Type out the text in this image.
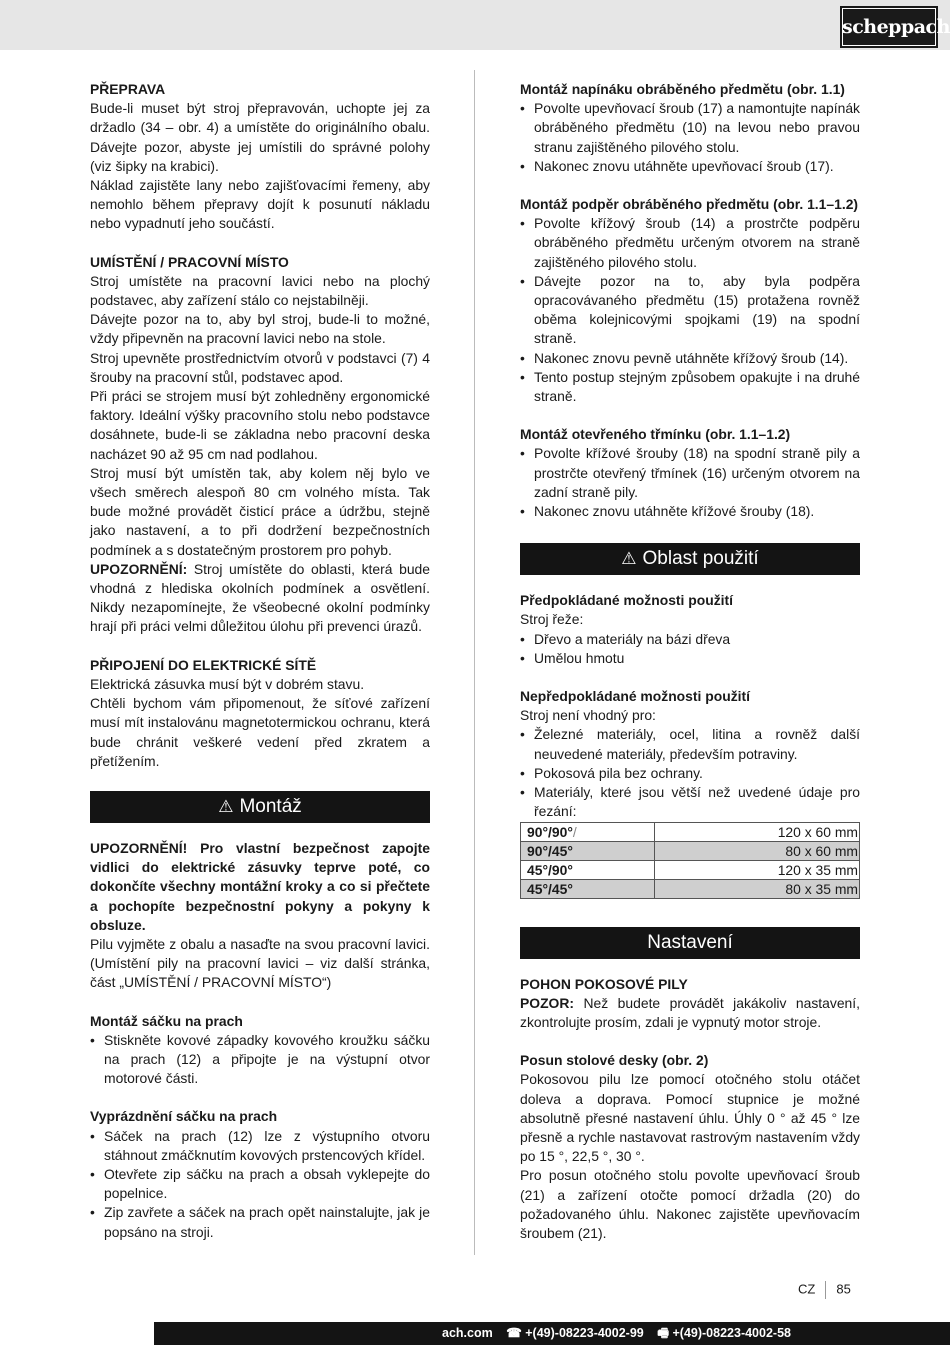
scheppach

PŘEPRAVA

Bude-li muset být stroj přepravován, uchopte jej za držadlo (34 – obr. 4) a umístěte do originálního obalu. Dávejte pozor, abyste jej umístili do správné polohy (viz šipky na krabici).

Náklad zajistěte lany nebo zajišťovacími řemeny, aby nemohlo během přepravy dojít k posunutí nákladu nebo vypadnutí jeho součástí.

UMÍSTĚNÍ / PRACOVNÍ MÍSTO

Stroj umístěte na pracovní lavici nebo na plochý podstavec, aby zařízení stálo co nejstabilněji.

Dávejte pozor na to, aby byl stroj, bude-li to možné, vždy připevněn na pracovní lavici nebo na stole.

Stroj upevněte prostřednictvím otvorů v podstavci (7) 4 šrouby na pracovní stůl, podstavec apod.

Při práci se strojem musí být zohledněny ergonomické faktory. Ideální výšky pracovního stolu nebo podstavce dosáhnete, bude-li se základna nebo pracovní deska nacházet 90 až 95 cm nad podlahou.

Stroj musí být umístěn tak, aby kolem něj bylo ve všech směrech alespoň 80 cm volného místa. Tak bude možné provádět čisticí práce a údržbu, stejně jako nastavení, a to při dodržení bezpečnostních podmínek a s dostatečným prostorem pro pohyb.

UPOZORNĚNÍ: Stroj umístěte do oblasti, která bude vhodná z hlediska okolních podmínek a osvětlení. Nikdy nezapomínejte, že všeobecné okolní podmínky hrají při práci velmi důležitou úlohu při prevenci úrazů.

PŘIPOJENÍ DO ELEKTRICKÉ SÍTĚ

Elektrická zásuvka musí být v dobrém stavu.

Chtěli bychom vám připomenout, že síťové zařízení musí mít instalovánu magnetotermickou ochranu, která bude chránit veškeré vedení před zkratem a přetížením.

⚠ Montáž

UPOZORNĚNÍ! Pro vlastní bezpečnost zapojte vidlici do elektrické zásuvky teprve poté, co dokončíte všechny montážní kroky a co si přečtete a pochopíte bezpečnostní pokyny a pokyny k obsluze.

Pilu vyjměte z obalu a nasaďte na svou pracovní lavici. (Umístění pily na pracovní lavici – viz další stránka, část „UMÍSTĚNÍ / PRACOVNÍ MÍSTO“)

Montáž sáčku na prach

• Stiskněte kovové západky kovového kroužku sáčku na prach (12) a připojte je na výstupní otvor motorové části.

Vyprázdnění sáčku na prach

• Sáček na prach (12) lze z výstupního otvoru stáhnout zmáčknutím kovových prstencových křídel.
• Otevřete zip sáčku na prach a obsah vyklepejte do popelnice.
• Zip zavřete a sáček na prach opět nainstalujte, jak je popsáno na stroji.

Montáž napínáku obráběného předmětu (obr. 1.1)

• Povolte upevňovací šroub (17) a namontujte napínák obráběného předmětu (10) na levou nebo pravou stranu zajištěného pilového stolu.
• Nakonec znovu utáhněte upevňovací šroub (17).

Montáž podpěr obráběného předmětu (obr. 1.1–1.2)

• Povolte křížový šroub (14) a prostrčte podpěru obráběného předmětu určeným otvorem na straně zajištěného pilového stolu.
• Dávejte pozor na to, aby byla podpěra opracovávaného předmětu (15) protažena rovněž oběma kolejnicovými spojkami (19) na spodní straně.
• Nakonec znovu pevně utáhněte křížový šroub (14).
• Tento postup stejným způsobem opakujte i na druhé straně.

Montáž otevřeného třmínku (obr. 1.1–1.2)

• Povolte křížové šrouby (18) na spodní straně pily a prostrčte otevřený třmínek (16) určeným otvorem na zadní straně pily.
• Nakonec znovu utáhněte křížové šrouby (18).
⚠ Oblast použití

Předpokládané možnosti použití

Stroj řeže:

• Dřevo a materiály na bázi dřeva
• Umělou hmotu

Nepředpokládané možnosti použití

Stroj není vhodný pro:

• Železné materiály, ocel, litina a rovněž další neuvedené materiály, především potraviny.
• Pokosová pila bez ochrany.
• Materiály, které jsou větší než uvedené údaje pro řezání:
90°/90°/	120 x 60 mm
90°/45°	80 x 60 mm
45°/90°	120 x 35 mm
45°/45°	80 x 35 mm
Nastavení

POHON POKOSOVÉ PILY

POZOR: Než budete provádět jakákoliv nastavení, zkontrolujte prosím, zdali je vypnutý motor stroje.

Posun stolové desky (obr. 2)

Pokosovou pilu lze pomocí otočného stolu otáčet doleva a doprava. Pomocí stupnice je možné absolutně přesné nastavení úhlu. Úhly 0 ° až 45 ° lze přesně a rychle nastavovat rastrovým nastavením vždy po 15 °, 22,5 °, 30 °.

Pro posun otočného stolu povolte upevňovací šroub (21) a zařízení otočte pomocí držadla (20) do požadovaného úhlu. Nakonec zajistěte upevňovacím šroubem (21).

CZ 85
ach.com ☎ +(49)-08223-4002-99 🖷 +(49)-08223-4002-58
